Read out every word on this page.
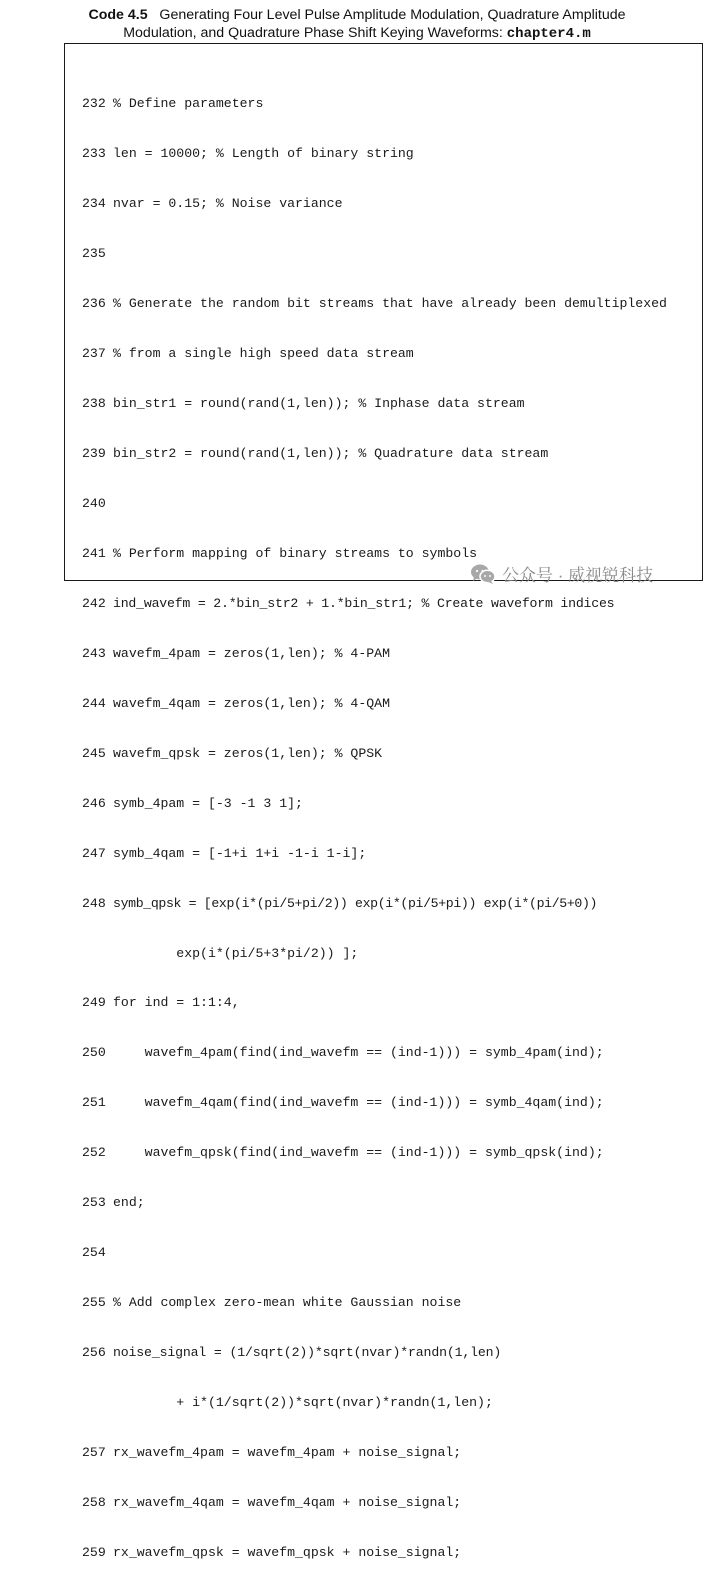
Code 4.5 Generating Four Level Pulse Amplitude Modulation, Quadrature Amplitude
Modulation, and Quadrature Phase Shift Keying Waveforms: chapter4.m

232 % Define parameters

233 len = 10000; % Length of binary string

234 nvar = 0.15; % Noise variance

235

236 % Generate the random bit streams that have already been demultiplexed

237 % from a single high speed data stream

238 bin_str1 = round(rand(1,len)); % Inphase data stream

239 bin_str2 = round(rand(1,len)); % Quadrature data stream

240

241 % Perform mapping of binary streams to symbols

242 ind_wavefm = 2.*bin_str2 + 1.*bin_str1; % Create waveform indices

243 wavefm_4pam = zeros(1,len); % 4-PAM

244 wavefm_4qam = zeros(1,len); % 4-QAM

245 wavefm_qpsk = zeros(1,len); % QPSK

246 symb_4pam = [-3 -1 3 1];

247 symb_4qam = [-1+i 1+i -1-i 1-i];

248 symb_qpsk = [exp(i*(pi/5+pi/2)) exp(i*(pi/5+pi)) exp(i*(pi/5+0))

exp(i*(pi/5+3*pi/2)) ];

249 for ind = 1:1:4,

250    wavefm_4pam(find(ind_wavefm == (ind-1))) = symb_4pam(ind);

251    wavefm_4qam(find(ind_wavefm == (ind-1))) = symb_4qam(ind);

252    wavefm_qpsk(find(ind_wavefm == (ind-1))) = symb_qpsk(ind);

253 end;

254

255 % Add complex zero-mean white Gaussian noise

256 noise_signal = (1/sqrt(2))*sqrt(nvar)*randn(1,len)

+ i*(1/sqrt(2))*sqrt(nvar)*randn(1,len);

257 rx_wavefm_4pam = wavefm_4pam + noise_signal;

258 rx_wavefm_4qam = wavefm_4qam + noise_signal;

259 rx_wavefm_qpsk = wavefm_qpsk + noise_signal;

公众号 · 威视锐科技
